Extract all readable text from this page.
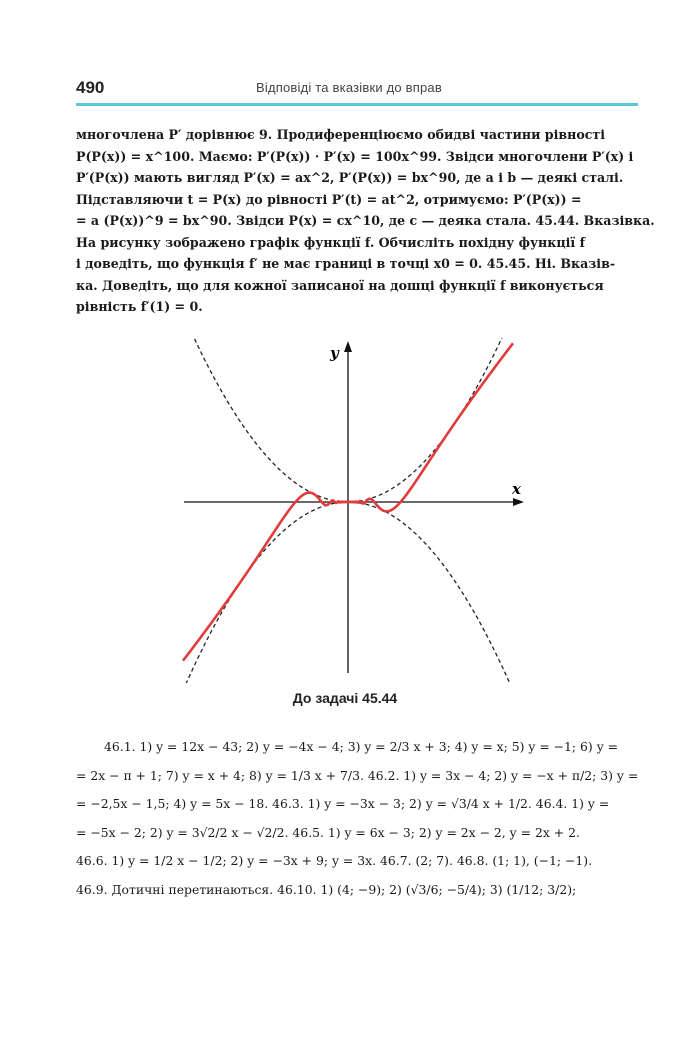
490	Відповіді та вказівки до вправ
многочлена P′ дорівнює 9. Продиференціюємо обидві частини рівності
P(P(x)) = x^100. Маємо: P′(P(x)) · P′(x) = 100x^99. Звідси многочлени P′(x) і
P′(P(x)) мають вигляд P′(x) = ax^2, P′(P(x)) = bx^90, де a і b — деякі сталі.
Підставляючи t = P(x) до рівності P′(t) = at^2, отримуємо: P′(P(x)) =
= a (P(x))^9 = bx^90. Звідси P(x) = cx^10, де c — деяка стала. 45.44. Вказівка.
На рисунку зображено графік функції f. Обчисліть похідну функції f
і доведіть, що функція f′ не має границі в точці x0 = 0. 45.45. Ні. Вказів-
ка. Доведіть, що для кожної записаної на дошці функції f виконується
рівність f′(1) = 0.
x
y
До задачі 45.44
46.1. 1) y = 12x − 43; 2) y = −4x − 4; 3) y = 2/3 x + 3; 4) y = x; 5) y = −1; 6) y =
= 2x − π + 1; 7) y = x + 4; 8) y = 1/3 x + 7/3. 46.2. 1) y = 3x − 4; 2) y = −x + π/2; 3) y =
= −2,5x − 1,5; 4) y = 5x − 18. 46.3. 1) y = −3x − 3; 2) y = √3/4 x + 1/2. 46.4. 1) y =
= −5x − 2; 2) y = 3√2/2 x − √2/2. 46.5. 1) y = 6x − 3; 2) y = 2x − 2, y = 2x + 2.
46.6. 1) y = 1/2 x − 1/2; 2) y = −3x + 9; y = 3x. 46.7. (2; 7). 46.8. (1; 1), (−1; −1).
46.9. Дотичні перетинаються. 46.10. 1) (4; −9); 2) (√3/6; −5/4); 3) (1/12; 3/2);
